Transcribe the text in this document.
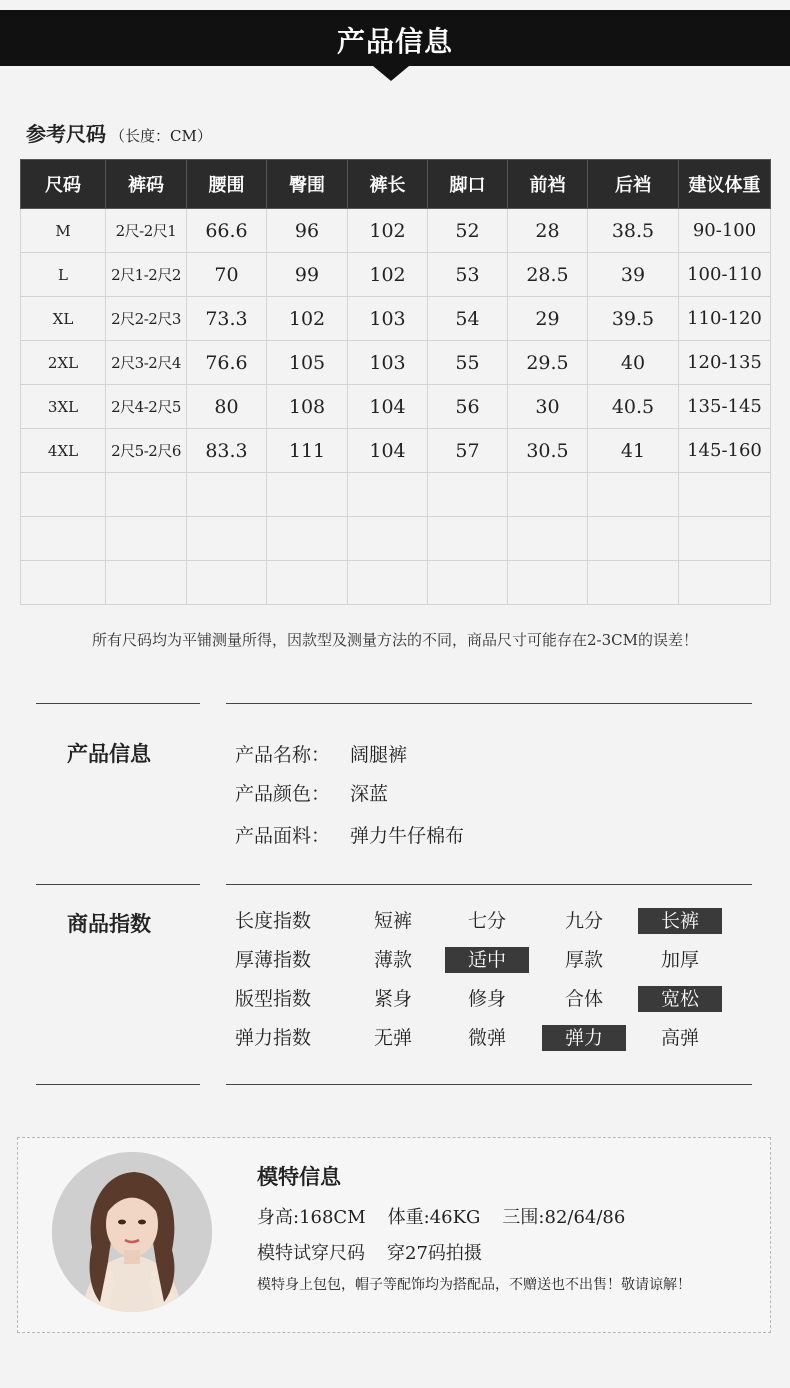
产品信息
参考尺码 （长度：CM）
尺码	裤码	腰围	臀围	裤长	脚口	前裆	后裆	建议体重
M	2尺-2尺1	66.6	96	102	52	28	38.5	90-100
L	2尺1-2尺2	70	99	102	53	28.5	39	100-110
XL	2尺2-2尺3	73.3	102	103	54	29	39.5	110-120
2XL	2尺3-2尺4	76.6	105	103	55	29.5	40	120-135
3XL	2尺4-2尺5	80	108	104	56	30	40.5	135-145
4XL	2尺5-2尺6	83.3	111	104	57	30.5	41	145-160

所有尺码均为平铺测量所得，因款型及测量方法的不同，商品尺寸可能存在2-3CM的误差！
产品信息	产品名称： 阔腿裤
产品颜色： 深蓝
产品面料： 弹力牛仔棉布
商品指数	长度指数	短裤	七分	九分	长裤
厚薄指数	薄款	适中	厚款	加厚
版型指数	紧身	修身	合体	宽松
弹力指数	无弹	微弹	弹力	高弹
模特信息
身高:168CM 体重:46KG 三围:82/64/86
模特试穿尺码 穿27码拍摄
模特身上包包，帽子等配饰均为搭配品，不赠送也不出售！敬请谅解！
